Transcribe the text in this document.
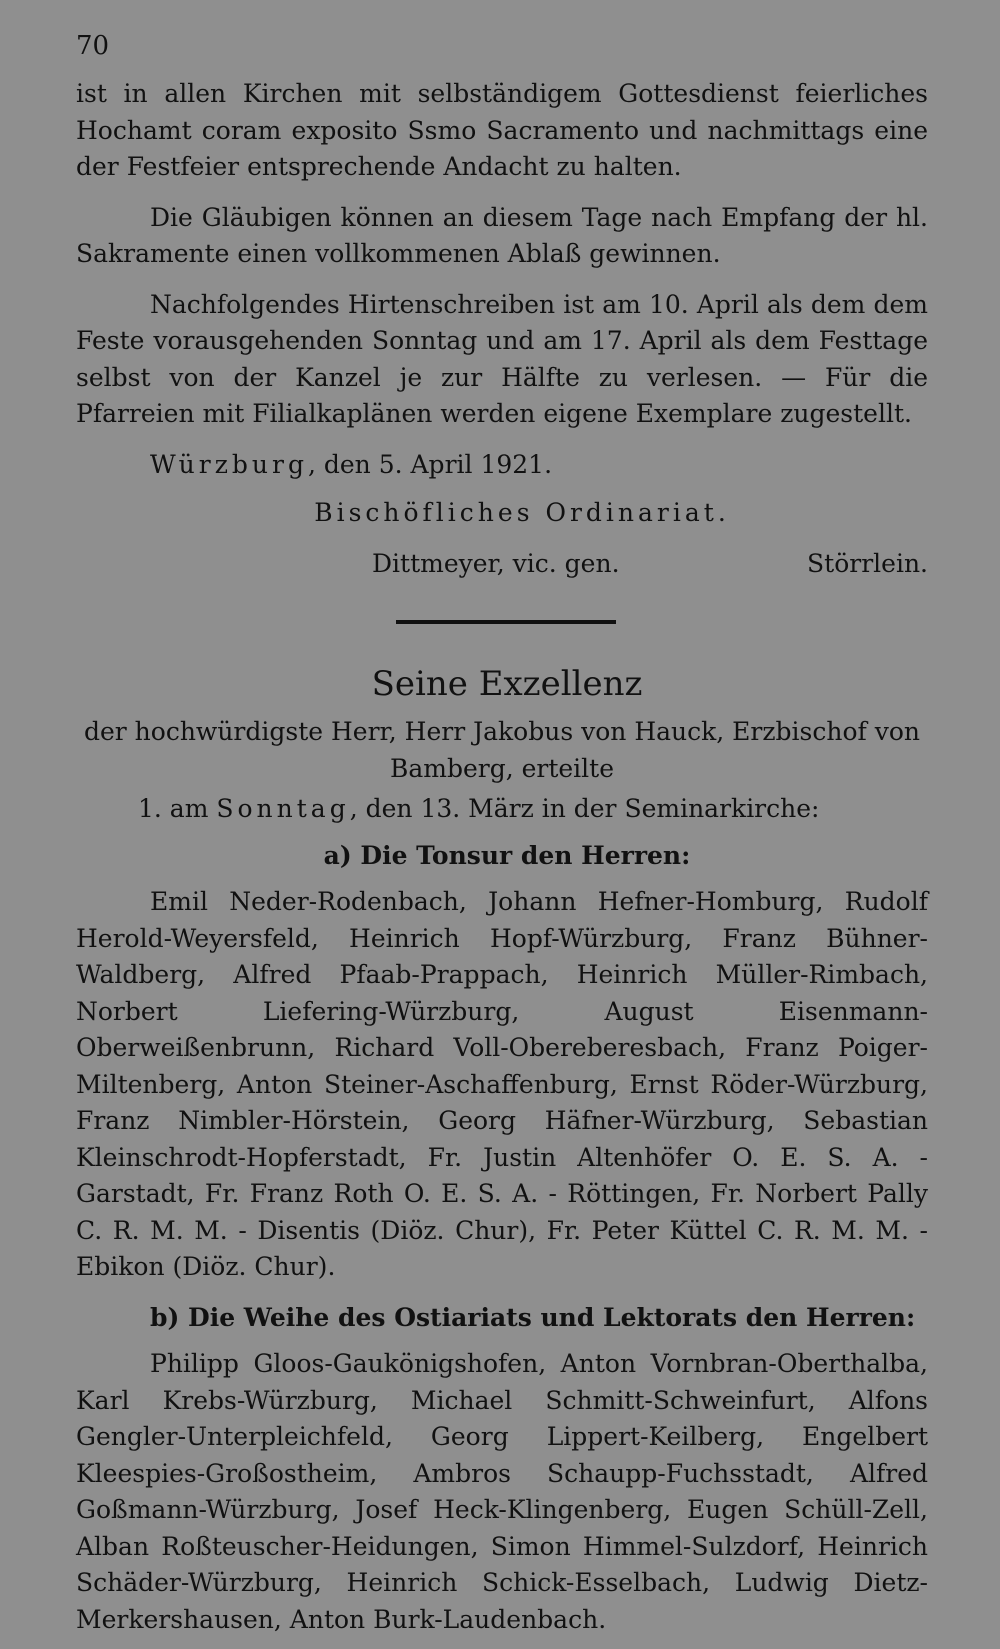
70

ist in allen Kirchen mit selbständigem Gottesdienst feierliches Hochamt coram exposito Ssmo Sacramento und nachmittags eine der Festfeier entsprechende Andacht zu halten.

Die Gläubigen können an diesem Tage nach Empfang der hl. Sakramente einen vollkommenen Ablaß gewinnen.

Nachfolgendes Hirtenschreiben ist am 10. April als dem dem Feste vorausgehenden Sonntag und am 17. April als dem Festtage selbst von der Kanzel je zur Hälfte zu verlesen. — Für die Pfarreien mit Filialkaplänen werden eigene Exemplare zugestellt.

Würzburg, den 5. April 1921.
Bischöfliches Ordinariat.
Dittmeyer, vic. gen.	Störrlein.
Seine Exzellenz
der hochwürdigste Herr, Herr Jakobus von Hauck, Erzbischof von Bamberg, erteilte
1. am Sonntag, den 13. März in der Seminarkirche:
a) Die Tonsur den Herren:

Emil Neder-Rodenbach, Johann Hefner-Homburg, Rudolf Herold-Weyersfeld, Heinrich Hopf-Würzburg, Franz Bühner-Waldberg, Alfred Pfaab-Prappach, Heinrich Müller-Rimbach, Norbert Liefering-Würzburg, August Eisenmann-Oberweißenbrunn, Richard Voll-Obereberesbach, Franz Poiger-Miltenberg, Anton Steiner-Aschaffenburg, Ernst Röder-Würzburg, Franz Nimbler-Hörstein, Georg Häfner-Würzburg, Sebastian Kleinschrodt-Hopferstadt, Fr. Justin Altenhöfer O. E. S. A. - Garstadt, Fr. Franz Roth O. E. S. A. - Röttingen, Fr. Norbert Pally C. R. M. M. - Disentis (Diöz. Chur), Fr. Peter Küttel C. R. M. M. - Ebikon (Diöz. Chur).

b) Die Weihe des Ostiariats und Lektorats den Herren:

Philipp Gloos-Gaukönigshofen, Anton Vornbran-Oberthalba, Karl Krebs-Würzburg, Michael Schmitt-Schweinfurt, Alfons Gengler-Unterpleichfeld, Georg Lippert-Keilberg, Engelbert Kleespies-Großostheim, Ambros Schaupp-Fuchsstadt, Alfred Goßmann-Würzburg, Josef Heck-Klingenberg, Eugen Schüll-Zell, Alban Roßteuscher-Heidungen, Simon Himmel-Sulzdorf, Heinrich Schäder-Würzburg, Heinrich Schick-Esselbach, Ludwig Dietz-Merkershausen, Anton Burk-Laudenbach.
